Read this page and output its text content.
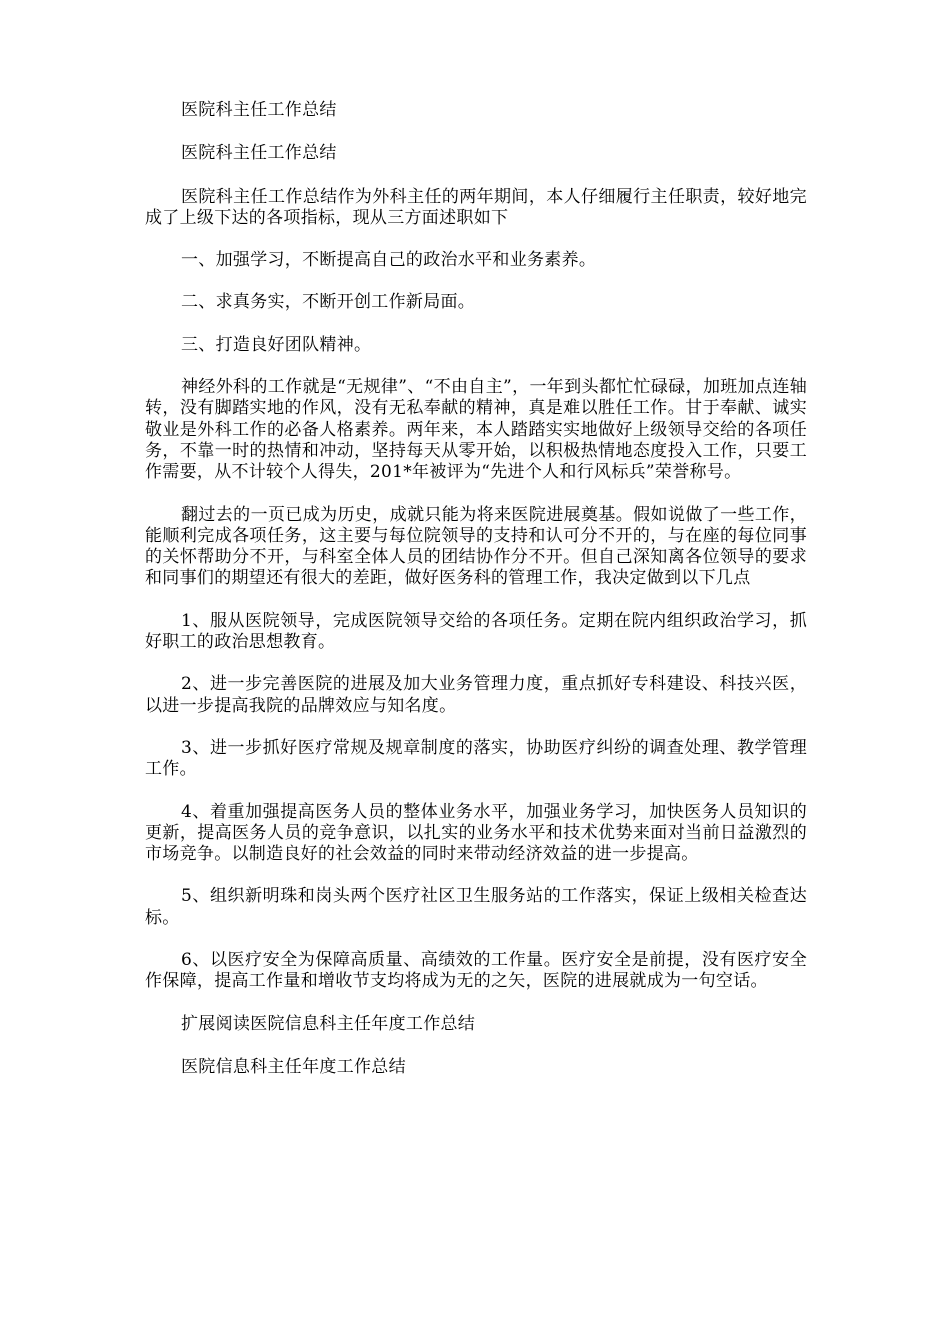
医院科主任工作总结

医院科主任工作总结

医院科主任工作总结作为外科主任的两年期间，本人仔细履行主任职责，较好地完成了上级下达的各项指标，现从三方面述职如下

一、加强学习，不断提高自己的政治水平和业务素养。

二、求真务实，不断开创工作新局面。

三、打造良好团队精神。

神经外科的工作就是“无规律”、“不由自主”，一年到头都忙忙碌碌，加班加点连轴转，没有脚踏实地的作风，没有无私奉献的精神，真是难以胜任工作。甘于奉献、诚实敬业是外科工作的必备人格素养。两年来，本人踏踏实实地做好上级领导交给的各项任务，不靠一时的热情和冲动，坚持每天从零开始，以积极热情地态度投入工作，只要工作需要，从不计较个人得失，201*年被评为“先进个人和行风标兵”荣誉称号。

翻过去的一页已成为历史，成就只能为将来医院进展奠基。假如说做了一些工作，能顺利完成各项任务，这主要与每位院领导的支持和认可分不开的，与在座的每位同事的关怀帮助分不开，与科室全体人员的团结协作分不开。但自己深知离各位领导的要求和同事们的期望还有很大的差距，做好医务科的管理工作，我决定做到以下几点

1、服从医院领导，完成医院领导交给的各项任务。定期在院内组织政治学习，抓好职工的政治思想教育。

2、进一步完善医院的进展及加大业务管理力度，重点抓好专科建设、科技兴医，以进一步提高我院的品牌效应与知名度。

3、进一步抓好医疗常规及规章制度的落实，协助医疗纠纷的调查处理、教学管理工作。

4、着重加强提高医务人员的整体业务水平，加强业务学习，加快医务人员知识的更新，提高医务人员的竞争意识，以扎实的业务水平和技术优势来面对当前日益激烈的市场竞争。以制造良好的社会效益的同时来带动经济效益的进一步提高。

5、组织新明珠和岗头两个医疗社区卫生服务站的工作落实，保证上级相关检查达标。

6、以医疗安全为保障高质量、高绩效的工作量。医疗安全是前提，没有医疗安全作保障，提高工作量和增收节支均将成为无的之矢，医院的进展就成为一句空话。

扩展阅读医院信息科主任年度工作总结

医院信息科主任年度工作总结
